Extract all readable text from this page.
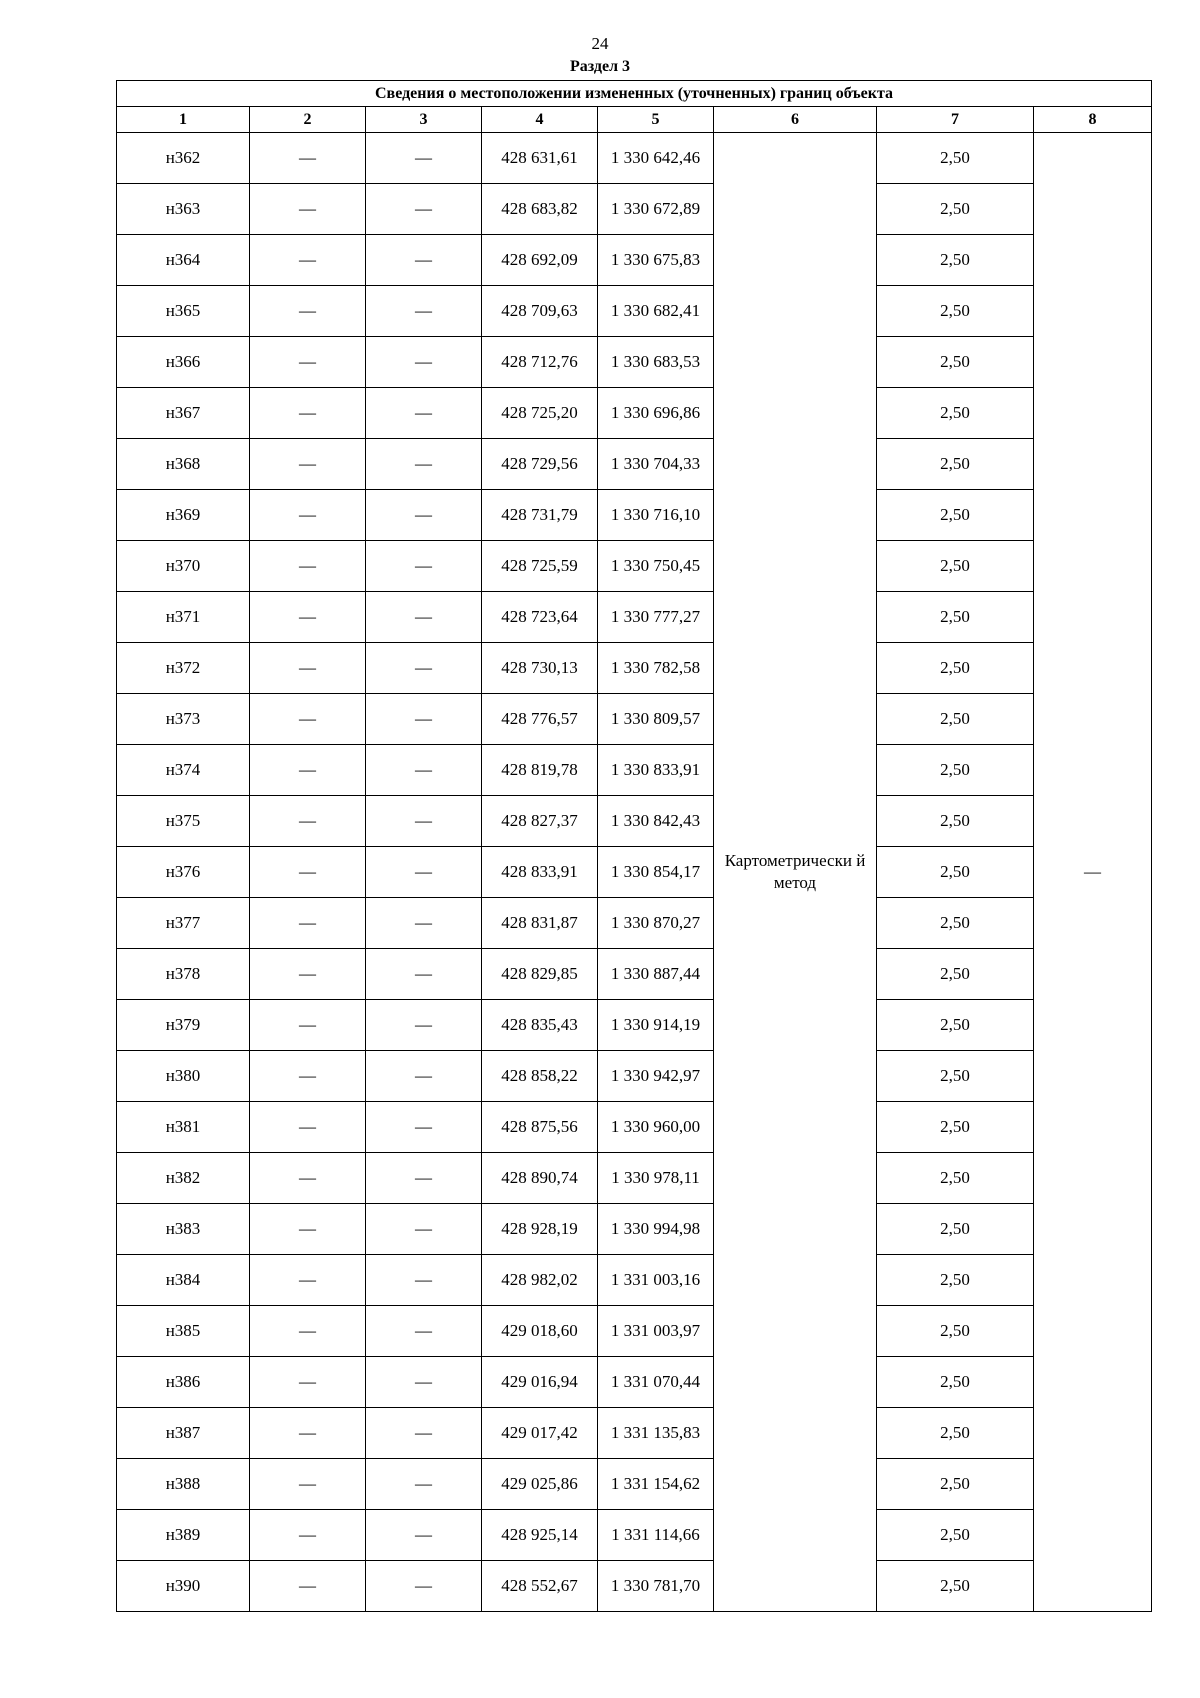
24
Раздел 3
Сведения о местоположении измененных (уточненных) границ объекта							
1	2	3	4	5	6	7	8
н362	—	—	428 631,61	1 330 642,46	Картометрически й метод	2,50	—
н363	—	—	428 683,82	1 330 672,89		2,50	
н364	—	—	428 692,09	1 330 675,83		2,50	
н365	—	—	428 709,63	1 330 682,41		2,50	
н366	—	—	428 712,76	1 330 683,53		2,50	
н367	—	—	428 725,20	1 330 696,86		2,50	
н368	—	—	428 729,56	1 330 704,33		2,50	
н369	—	—	428 731,79	1 330 716,10		2,50	
н370	—	—	428 725,59	1 330 750,45		2,50	
н371	—	—	428 723,64	1 330 777,27		2,50	
н372	—	—	428 730,13	1 330 782,58		2,50	
н373	—	—	428 776,57	1 330 809,57		2,50	
н374	—	—	428 819,78	1 330 833,91		2,50	
н375	—	—	428 827,37	1 330 842,43		2,50	
н376	—	—	428 833,91	1 330 854,17		2,50	
н377	—	—	428 831,87	1 330 870,27		2,50	
н378	—	—	428 829,85	1 330 887,44		2,50	
н379	—	—	428 835,43	1 330 914,19		2,50	
н380	—	—	428 858,22	1 330 942,97		2,50	
н381	—	—	428 875,56	1 330 960,00		2,50	
н382	—	—	428 890,74	1 330 978,11		2,50	
н383	—	—	428 928,19	1 330 994,98		2,50	
н384	—	—	428 982,02	1 331 003,16		2,50	
н385	—	—	429 018,60	1 331 003,97		2,50	
н386	—	—	429 016,94	1 331 070,44		2,50	
н387	—	—	429 017,42	1 331 135,83		2,50	
н388	—	—	429 025,86	1 331 154,62		2,50	
н389	—	—	428 925,14	1 331 114,66		2,50	
н390	—	—	428 552,67	1 330 781,70		2,50	
